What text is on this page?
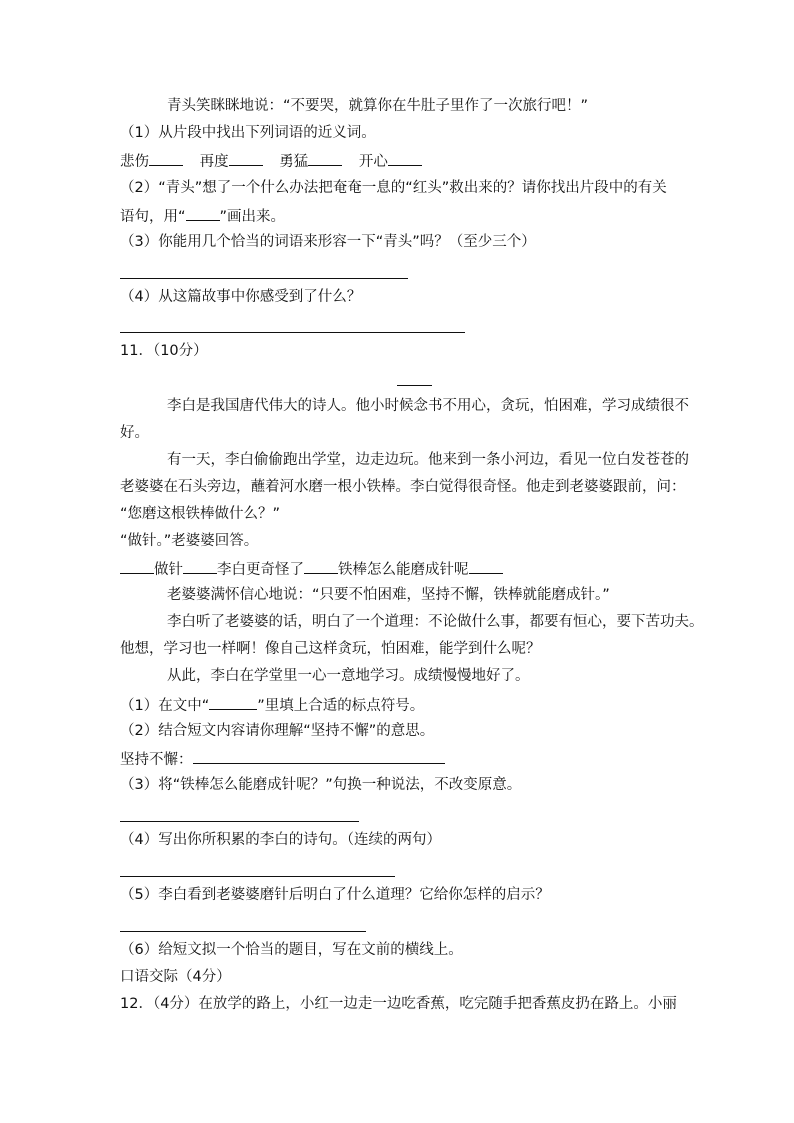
青头笑眯眯地说：“不要哭，就算你在牛肚子里作了一次旅行吧！”
（1）从片段中找出下列词语的近义词。
悲伤	再度	勇猛	开心
（2）“青头”想了一个什么办法把奄奄一息的“红头”救出来的？请你找出片段中的有关
语句，用“ ”画出来。
（3）你能用几个恰当的词语来形容一下“青头”吗？（至少三个）
（4）从这篇故事中你感受到了什么？
11．（10分）
李白是我国唐代伟大的诗人。他小时候念书不用心，贪玩，怕困难，学习成绩很不
好。
有一天，李白偷偷跑出学堂，边走边玩。他来到一条小河边，看见一位白发苍苍的
老婆婆在石头旁边，蘸着河水磨一根小铁棒。李白觉得很奇怪。他走到老婆婆跟前，问：
“您磨这根铁棒做什么？”
“做针。”老婆婆回答。
做针 李白更奇怪了 铁棒怎么能磨成针呢
老婆婆满怀信心地说：“只要不怕困难，坚持不懈，铁棒就能磨成针。”
李白听了老婆婆的话，明白了一个道理：不论做什么事，都要有恒心，要下苦功夫。
他想，学习也一样啊！像自己这样贪玩，怕困难，能学到什么呢？
从此，李白在学堂里一心一意地学习。成绩慢慢地好了。
（1）在文中“	”里填上合适的标点符号。
（2）结合短文内容请你理解“坚持不懈”的意思。
坚持不懈：
（3）将“铁棒怎么能磨成针呢？”句换一种说法，不改变原意。
（4）写出你所积累的李白的诗句。（连续的两句）
（5）李白看到老婆婆磨针后明白了什么道理？它给你怎样的启示？
（6）给短文拟一个恰当的题目，写在文前的横线上。
口语交际（4分）
12．（4分）在放学的路上，小红一边走一边吃香蕉，吃完随手把香蕉皮扔在路上。小丽
